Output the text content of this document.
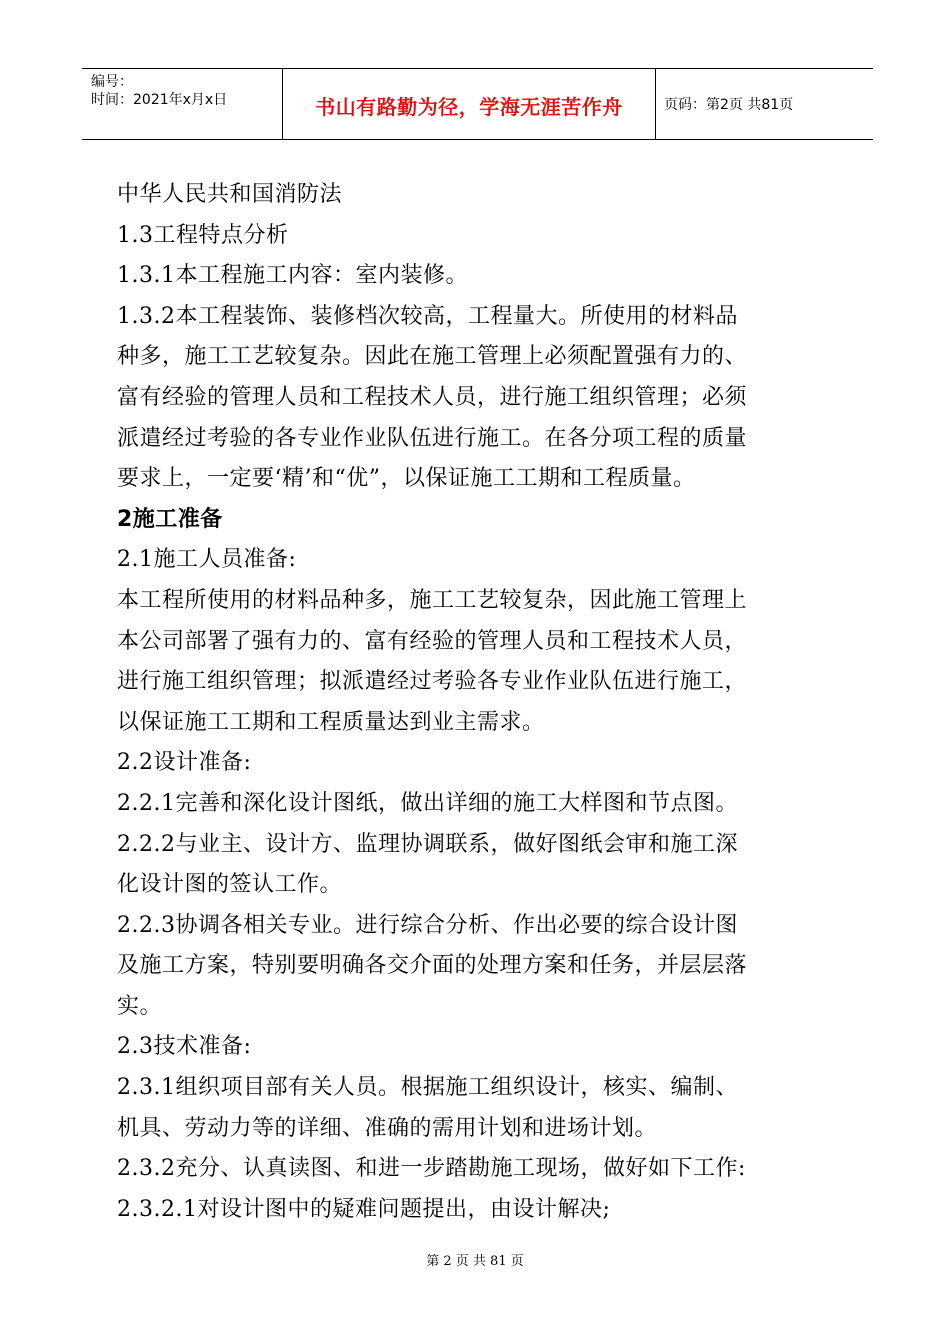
编号：
时间：2021年x月x日	书山有路勤为径，学海无涯苦作舟	页码：第2页 共81页
中华人民共和国消防法
1.3工程特点分析
1.3.1本工程施工内容：室内装修。
1.3.2本工程装饰、装修档次较高，工程量大。所使用的材料品
种多，施工工艺较复杂。因此在施工管理上必须配置强有力的、
富有经验的管理人员和工程技术人员，进行施工组织管理；必须
派遣经过考验的各专业作业队伍进行施工。在各分项工程的质量
要求上，一定要‘精’和“优”，以保证施工工期和工程质量。
2施工准备
2.1施工人员准备:
本工程所使用的材料品种多，施工工艺较复杂，因此施工管理上
本公司部署了强有力的、富有经验的管理人员和工程技术人员，
进行施工组织管理；拟派遣经过考验各专业作业队伍进行施工，
以保证施工工期和工程质量达到业主需求。
2.2设计准备:
2.2.1完善和深化设计图纸，做出详细的施工大样图和节点图。
2.2.2与业主、设计方、监理协调联系，做好图纸会审和施工深
化设计图的签认工作。
2.2.3协调各相关专业。进行综合分析、作出必要的综合设计图
及施工方案，特别要明确各交介面的处理方案和任务，并层层落
实。
2.3技术准备:
2.3.1组织项目部有关人员。根据施工组织设计，核实、编制、
机具、劳动力等的详细、准确的需用计划和进场计划。
2.3.2充分、认真读图、和进一步踏勘施工现场，做好如下工作:
2.3.2.1对设计图中的疑难问题提出，由设计解决;
第 2 页 共 81 页
